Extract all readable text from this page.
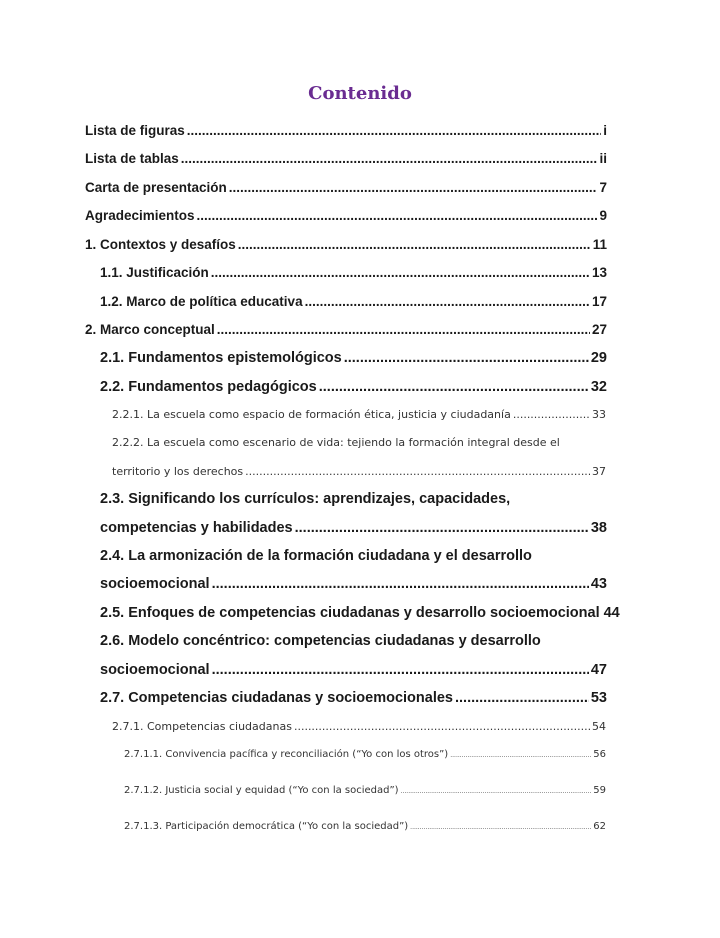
Contenido
Lista de figuras .....	i
Lista de tablas .....	ii
Carta de presentación .....	7
Agradecimientos .....	9
1. Contextos y desafíos .....	11
1.1. Justificación .....	13
1.2. Marco de política educativa .....	17
2. Marco conceptual .....	27
2.1. Fundamentos epistemológicos .....	29
2.2. Fundamentos pedagógicos .....	32
2.2.1. La escuela como espacio de formación ética, justicia y ciudadanía .....	33
2.2.2. La escuela como escenario de vida: tejiendo la formación integral desde el
territorio y los derechos .....	37
2.3. Significando los currículos: aprendizajes, capacidades,
competencias y habilidades .....	38
2.4. La armonización de la formación ciudadana y el desarrollo
socioemocional .....	43
2.5. Enfoques de competencias ciudadanas y desarrollo socioemocional 44
2.6. Modelo concéntrico: competencias ciudadanas y desarrollo
socioemocional .....	47
2.7. Competencias ciudadanas y socioemocionales .....	53
2.7.1. Competencias ciudadanas .....	54
2.7.1.1. Convivencia pacífica y reconciliación (“Yo con los otros”) .....	56
2.7.1.2. Justicia social y equidad (“Yo con la sociedad”) .....	59
2.7.1.3. Participación democrática (“Yo con la sociedad”) .....	62
